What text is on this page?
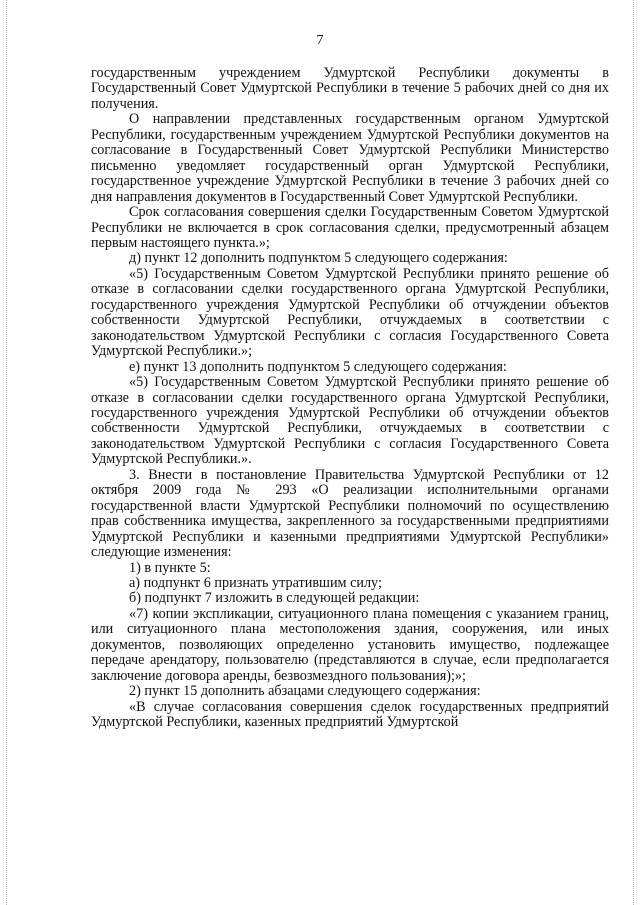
7

государственным учреждением Удмуртской Республики документы в Государственный Совет Удмуртской Республики в течение 5 рабочих дней со дня их получения.

О направлении представленных государственным органом Удмуртской Республики, государственным учреждением Удмуртской Республики документов на согласование в Государственный Совет Удмуртской Республики Министерство письменно уведомляет государственный орган Удмуртской Республики, государственное учреждение Удмуртской Республики в течение 3 рабочих дней со дня направления документов в Государственный Совет Удмуртской Республики.

Срок согласования совершения сделки Государственным Советом Удмуртской Республики не включается в срок согласования сделки, предусмотренный абзацем первым настоящего пункта.»;

д) пункт 12 дополнить подпунктом 5 следующего содержания:

«5) Государственным Советом Удмуртской Республики принято решение об отказе в согласовании сделки государственного органа Удмуртской Республики, государственного учреждения Удмуртской Республики об отчуждении объектов собственности Удмуртской Республики, отчуждаемых в соответствии с законодательством Удмуртской Республики с согласия Государственного Совета Удмуртской Республики.»;

е) пункт 13 дополнить подпунктом 5 следующего содержания:

«5) Государственным Советом Удмуртской Республики принято решение об отказе в согласовании сделки государственного органа Удмуртской Республики, государственного учреждения Удмуртской Республики об отчуждении объектов собственности Удмуртской Республики, отчуждаемых в соответствии с законодательством Удмуртской Республики с согласия Государственного Совета Удмуртской Республики.».

3. Внести в постановление Правительства Удмуртской Республики от 12 октября 2009 года № 293 «О реализации исполнительными органами государственной власти Удмуртской Республики полномочий по осуществлению прав собственника имущества, закрепленного за государственными предприятиями Удмуртской Республики и казенными предприятиями Удмуртской Республики» следующие изменения:

1) в пункте 5:

а) подпункт 6 признать утратившим силу;

б) подпункт 7 изложить в следующей редакции:

«7) копии экспликации, ситуационного плана помещения с указанием границ, или ситуационного плана местоположения здания, сооружения, или иных документов, позволяющих определенно установить имущество, подлежащее передаче арендатору, пользователю (представляются в случае, если предполагается заключение договора аренды, безвозмездного пользования);»;

2) пункт 15 дополнить абзацами следующего содержания:

«В случае согласования совершения сделок государственных предприятий Удмуртской Республики, казенных предприятий Удмуртской
